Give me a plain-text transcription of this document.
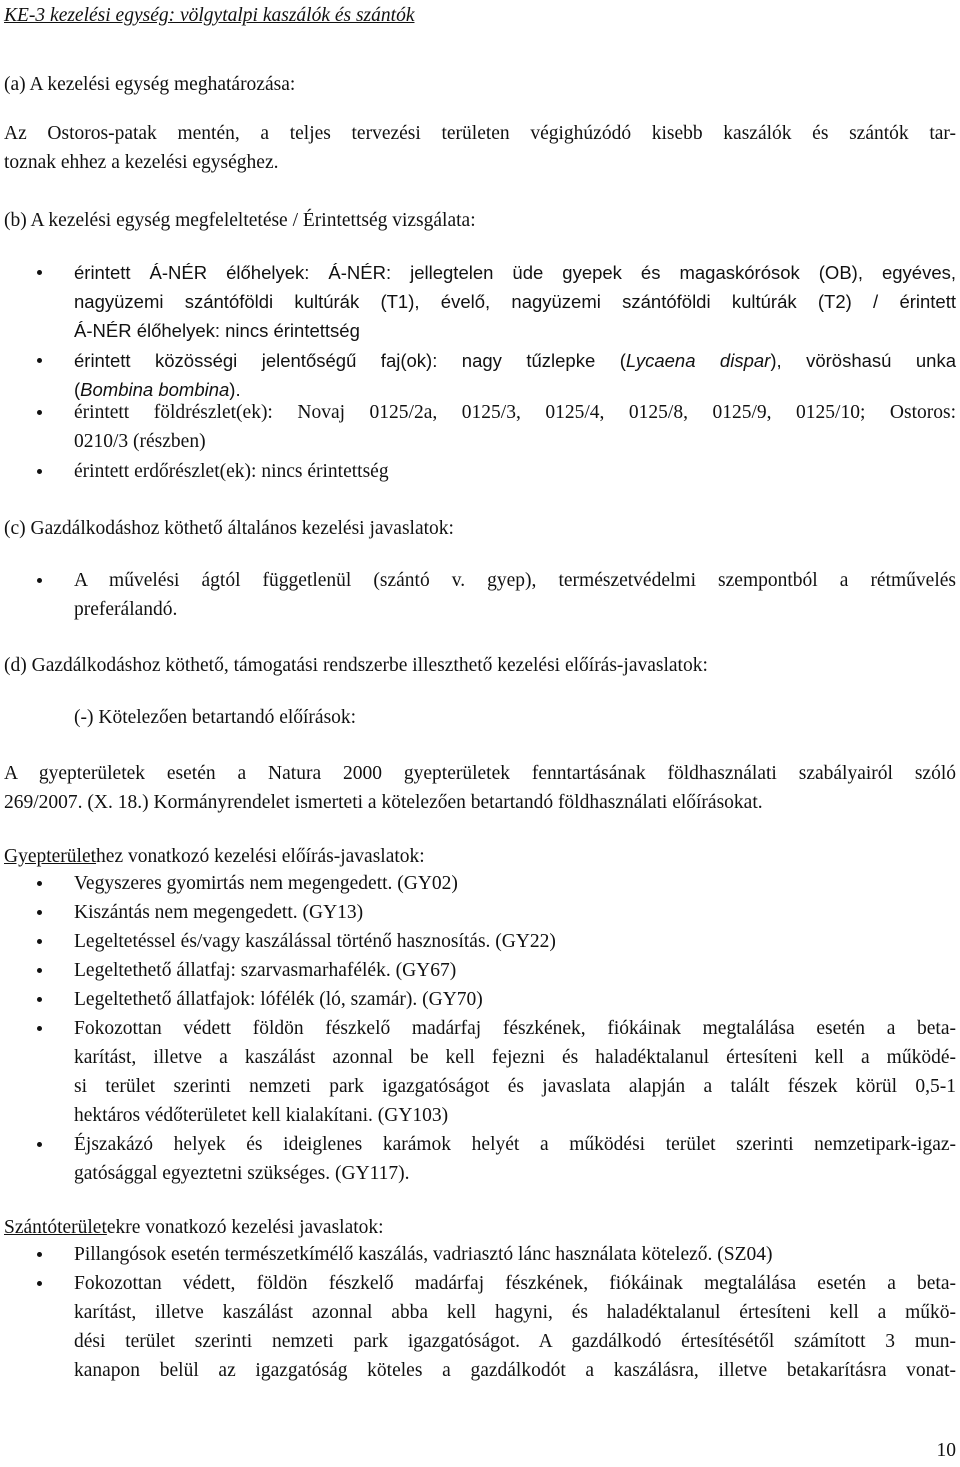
KE-3 kezelési egység: völgytalpi kaszálók és szántók
(a) A kezelési egység meghatározása:
Az Ostoros-patak mentén, a teljes tervezési területen végighúzódó kisebb kaszálók és szántók tar-
toznak ehhez a kezelési egységhez.
(b) A kezelési egység megfeleltetése / Érintettség vizsgálata:
érintett Á-NÉR élőhelyek: Á-NÉR: jellegtelen üde gyepek és magaskórósok (OB), egyéves,
nagyüzemi szántóföldi kultúrák (T1), évelő, nagyüzemi szántóföldi kultúrák (T2) / érintett
Á-NÉR élőhelyek: nincs érintettség
érintett közösségi jelentőségű faj(ok): nagy tűzlepke (Lycaena dispar), vöröshasú unka
(Bombina bombina).
érintett földrészlet(ek): Novaj 0125/2a, 0125/3, 0125/4, 0125/8, 0125/9, 0125/10; Ostoros:
0210/3 (részben)
érintett erdőrészlet(ek): nincs érintettség
(c) Gazdálkodáshoz köthető általános kezelési javaslatok:
A művelési ágtól függetlenül (szántó v. gyep), természetvédelmi szempontból a rétművelés
preferálandó.
(d) Gazdálkodáshoz köthető, támogatási rendszerbe illeszthető kezelési előírás-javaslatok:
(-) Kötelezően betartandó előírások:
A gyepterületek esetén a Natura 2000 gyepterületek fenntartásának földhasználati szabályairól szóló
269/2007. (X. 18.) Kormányrendelet ismerteti a kötelezően betartandó földhasználati előírásokat.
Gyepterülethez vonatkozó kezelési előírás-javaslatok:
Vegyszeres gyomirtás nem megengedett. (GY02)
Kiszántás nem megengedett. (GY13)
Legeltetéssel és/vagy kaszálással történő hasznosítás. (GY22)
Legeltethető állatfaj: szarvasmarhafélék. (GY67)
Legeltethető állatfajok: lófélék (ló, szamár). (GY70)
Fokozottan védett földön fészkelő madárfaj fészkének, fiókáinak megtalálása esetén a beta-
karítást, illetve a kaszálást azonnal be kell fejezni és haladéktalanul értesíteni kell a működé-
si terület szerinti nemzeti park igazgatóságot és javaslata alapján a talált fészek körül 0,5-1
hektáros védőterületet kell kialakítani. (GY103)
Éjszakázó helyek és ideiglenes karámok helyét a működési terület szerinti nemzetipark-igaz-
gatósággal egyeztetni szükséges. (GY117).
Szántóterületekre vonatkozó kezelési javaslatok:
Pillangósok esetén természetkímélő kaszálás, vadriasztó lánc használata kötelező. (SZ04)
Fokozottan védett, földön fészkelő madárfaj fészkének, fiókáinak megtalálása esetén a beta-
karítást, illetve kaszálást azonnal abba kell hagyni, és haladéktalanul értesíteni kell a műkö-
dési terület szerinti nemzeti park igazgatóságot. A gazdálkodó értesítésétől számított 3 mun-
kanapon belül az igazgatóság köteles a gazdálkodót a kaszálásra, illetve betakarításra vonat-
10
